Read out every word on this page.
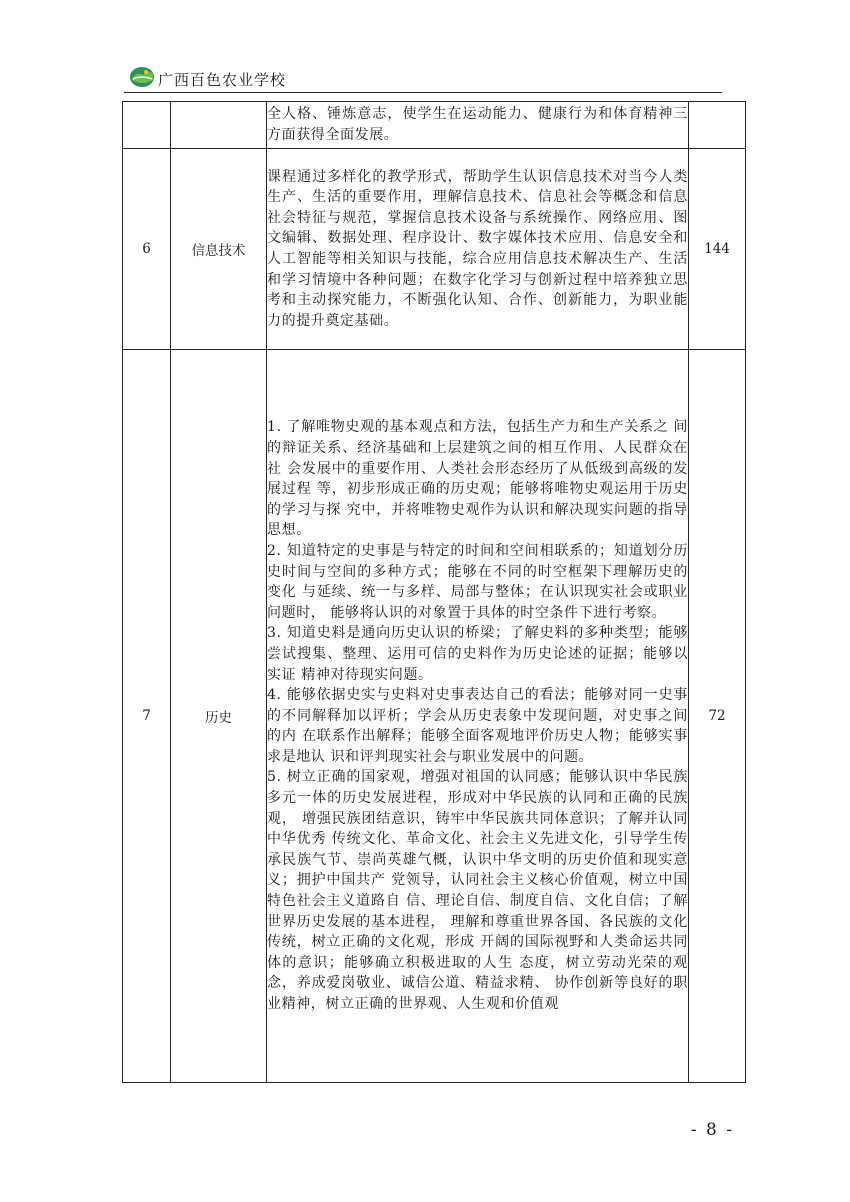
广西百色农业学校

		全人格、锤炼意志，使学生在运动能力、健康行为和体育精神三方面获得全面发展。	

6	信息技术	课程通过多样化的教学形式，帮助学生认识信息技术对当今人类生产、生活的重要作用，理解信息技术、信息社会等概念和信息社会特征与规范，掌握信息技术设备与系统操作、网络应用、图文编辑、数据处理、程序设计、数字媒体技术应用、信息安全和人工智能等相关知识与技能，综合应用信息技术解决生产、生活和学习情境中各种问题；在数字化学习与创新过程中培养独立思考和主动探究能力，不断强化认知、合作、创新能力，为职业能力的提升奠定基础。	144
7	历史	1. 了解唯物史观的基本观点和方法，包括生产力和生产关系之 间的辩证关系、经济基础和上层建筑之间的相互作用、人民群众在社 会发展中的重要作用、人类社会形态经历了从低级到高级的发展过程 等，初步形成正确的历史观；能够将唯物史观运用于历史的学习与探 究中，并将唯物史观作为认识和解决现实问题的指导思想。

2. 知道特定的史事是与特定的时间和空间相联系的；知道划分历 史时间与空间的多种方式；能够在不同的时空框架下理解历史的变化 与延续、统一与多样、局部与整体；在认识现实社会或职业问题时， 能够将认识的对象置于具体的时空条件下进行考察。

3. 知道史料是通向历史认识的桥梁；了解史料的多种类型；能够 尝试搜集、整理、运用可信的史料作为历史论述的证据；能够以实证 精神对待现实问题。

4. 能够依据史实与史料对史事表达自己的看法；能够对同一史事 的不同解释加以评析；学会从历史表象中发现问题，对史事之间的内 在联系作出解释；能够全面客观地评价历史人物；能够实事求是地认 识和评判现实社会与职业发展中的问题。

5. 树立正确的国家观，增强对祖国的认同感；能够认识中华民族 多元一体的历史发展进程，形成对中华民族的认同和正确的民族观， 增强民族团结意识，铸牢中华民族共同体意识；了解并认同中华优秀 传统文化、革命文化、社会主义先进文化，引导学生传承民族气节、崇尚英雄气概，认识中华文明的历史价值和现实意义；拥护中国共产 党领导，认同社会主义核心价值观，树立中国特色社会主义道路自 信、理论自信、制度自信、文化自信；了解世界历史发展的基本进程， 理解和尊重世界各国、各民族的文化传统，树立正确的文化观，形成 开阔的国际视野和人类命运共同体的意识；能够确立积极进取的人生 态度，树立劳动光荣的观念，养成爱岗敬业、诚信公道、精益求精、 协作创新等良好的职业精神，树立正确的世界观、人生观和价值观	72
- 8 -
